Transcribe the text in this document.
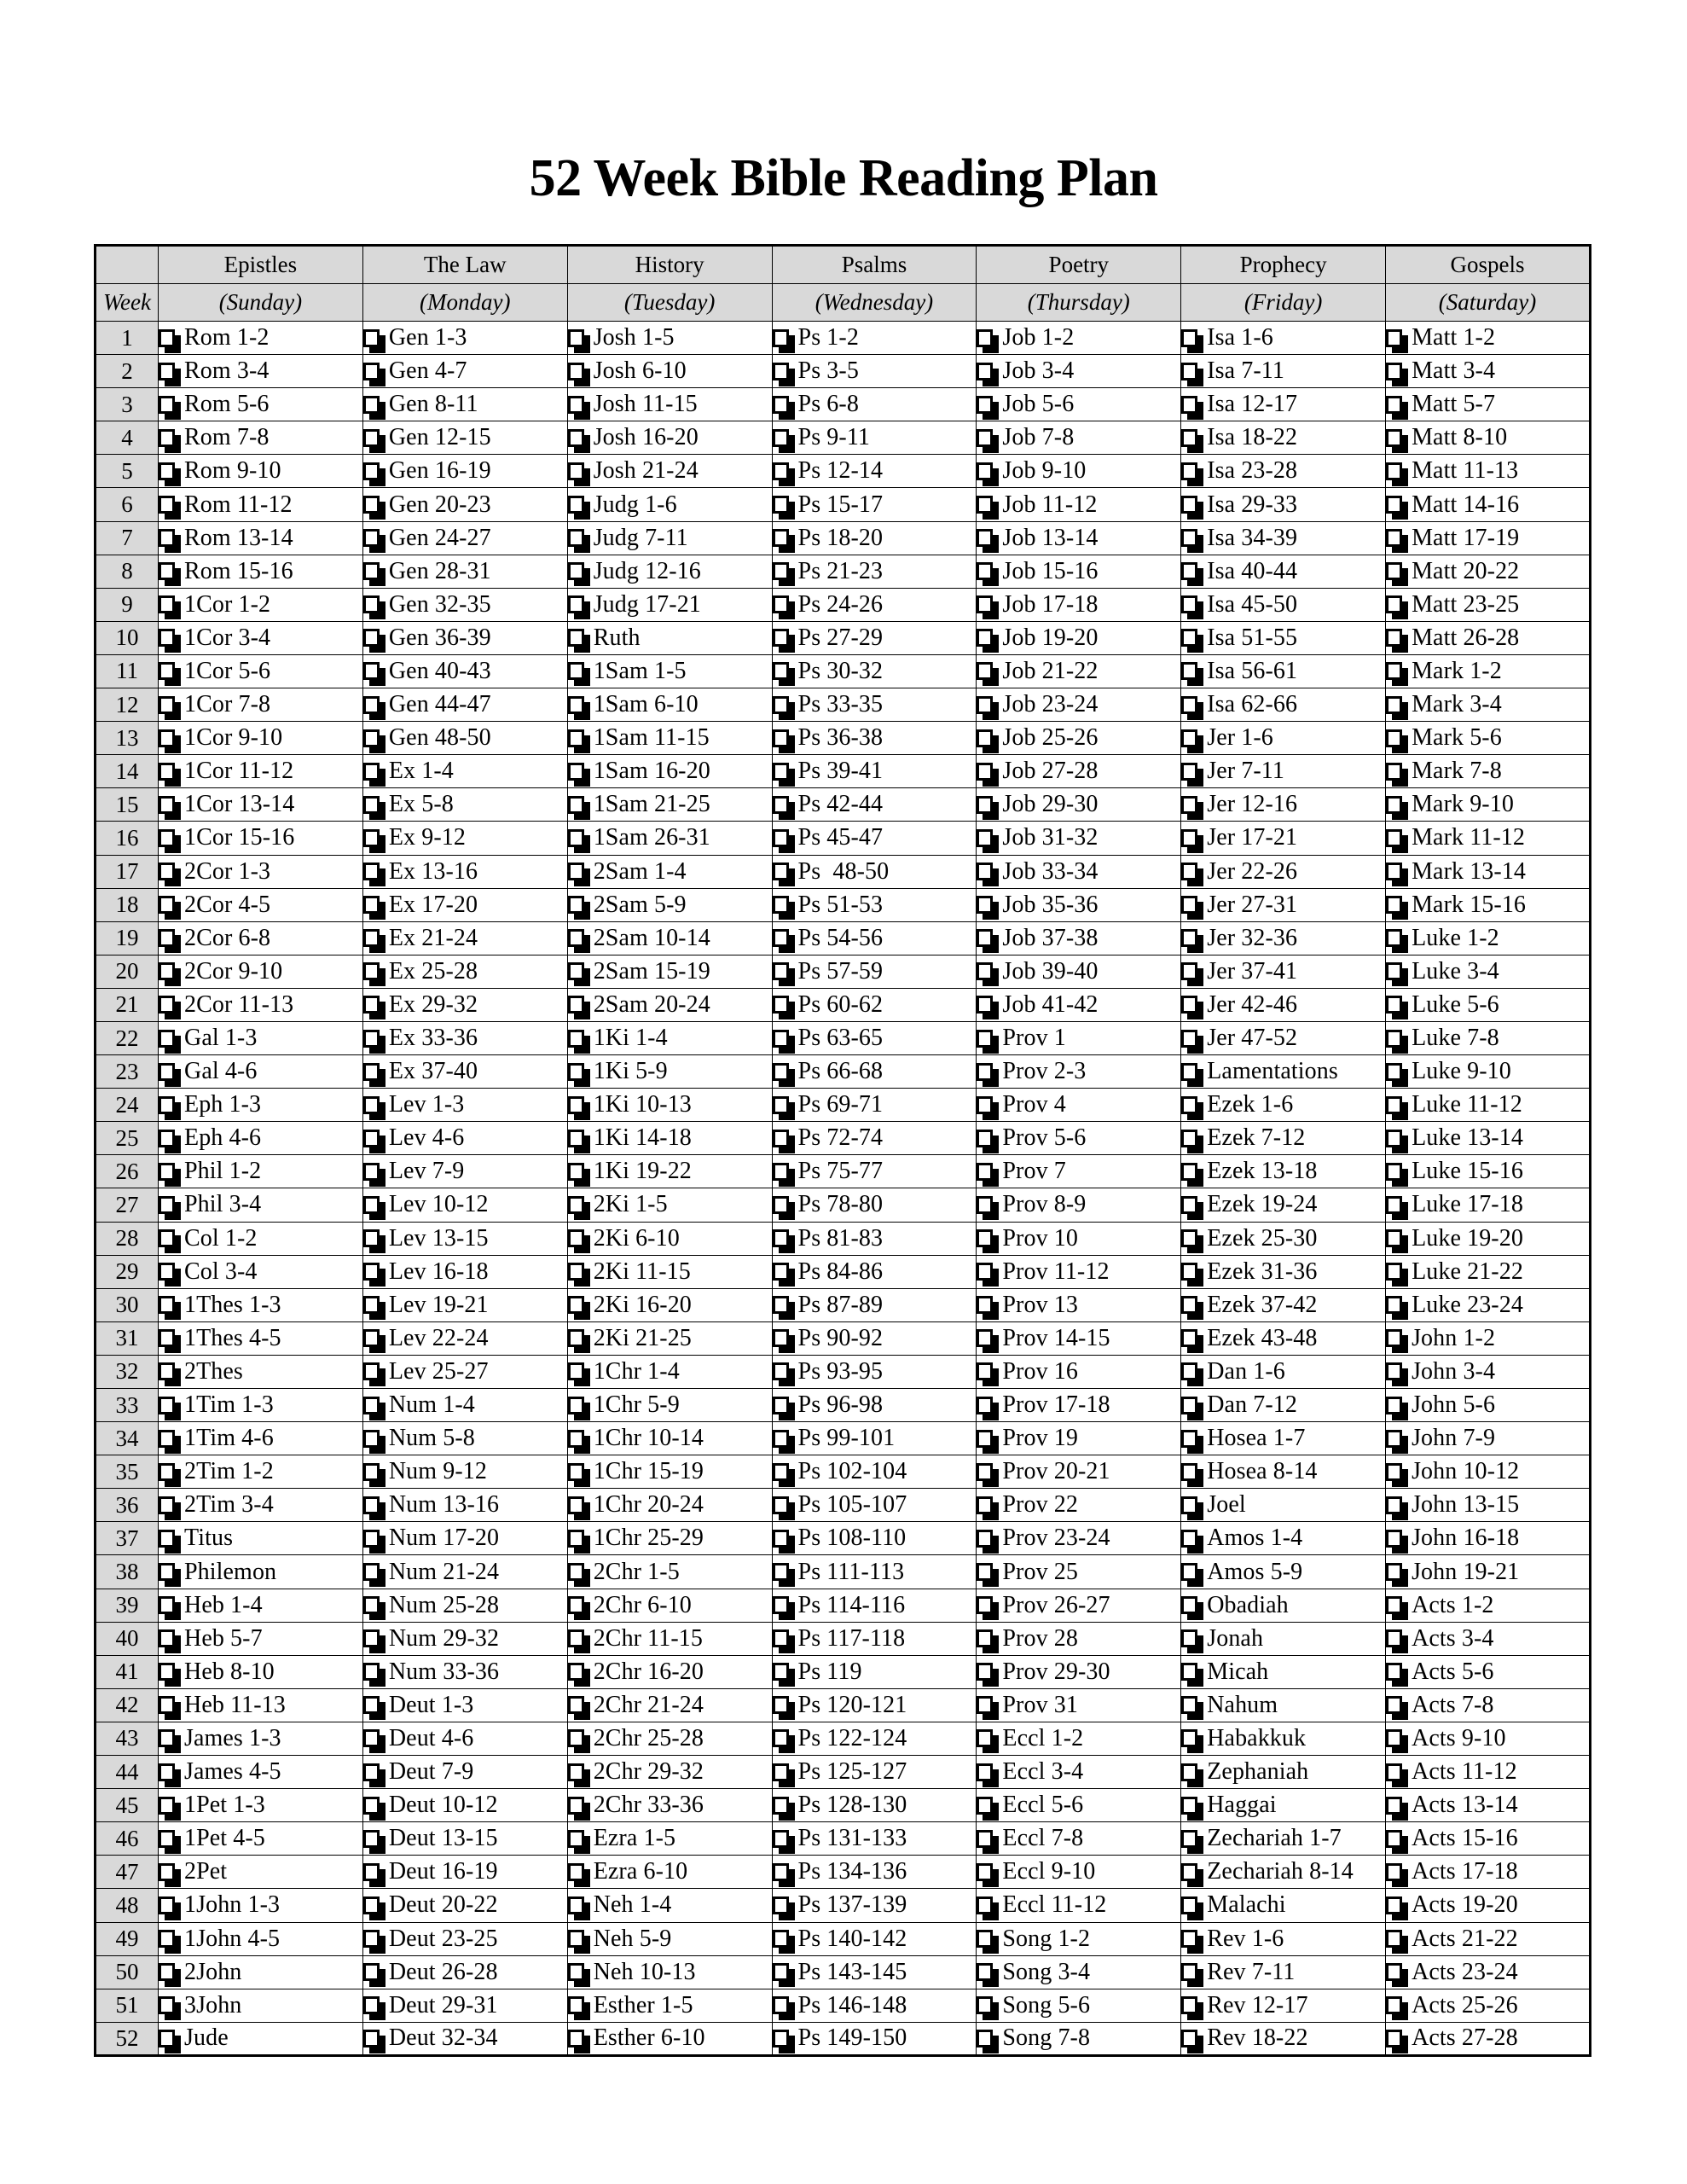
52 Week Bible Reading Plan
	Epistles	The Law	History	Psalms	Poetry	Prophecy	Gospels
Week	(Sunday)	(Monday)	(Tuesday)	(Wednesday)	(Thursday)	(Friday)	(Saturday)
1	Rom 1-2	Gen 1-3	Josh 1-5	Ps 1-2	Job 1-2	Isa 1-6	Matt 1-2

2	Rom 3-4	Gen 4-7	Josh 6-10	Ps 3-5	Job 3-4	Isa 7-11	Matt 3-4

3	Rom 5-6	Gen 8-11	Josh 11-15	Ps 6-8	Job 5-6	Isa 12-17	Matt 5-7

4	Rom 7-8	Gen 12-15	Josh 16-20	Ps 9-11	Job 7-8	Isa 18-22	Matt 8-10

5	Rom 9-10	Gen 16-19	Josh 21-24	Ps 12-14	Job 9-10	Isa 23-28	Matt 11-13

6	Rom 11-12	Gen 20-23	Judg 1-6	Ps 15-17	Job 11-12	Isa 29-33	Matt 14-16

7	Rom 13-14	Gen 24-27	Judg 7-11	Ps 18-20	Job 13-14	Isa 34-39	Matt 17-19

8	Rom 15-16	Gen 28-31	Judg 12-16	Ps 21-23	Job 15-16	Isa 40-44	Matt 20-22

9	1Cor 1-2	Gen 32-35	Judg 17-21	Ps 24-26	Job 17-18	Isa 45-50	Matt 23-25

10	1Cor 3-4	Gen 36-39	Ruth	Ps 27-29	Job 19-20	Isa 51-55	Matt 26-28

11	1Cor 5-6	Gen 40-43	1Sam 1-5	Ps 30-32	Job 21-22	Isa 56-61	Mark 1-2

12	1Cor 7-8	Gen 44-47	1Sam 6-10	Ps 33-35	Job 23-24	Isa 62-66	Mark 3-4

13	1Cor 9-10	Gen 48-50	1Sam 11-15	Ps 36-38	Job 25-26	Jer 1-6	Mark 5-6

14	1Cor 11-12	Ex 1-4	1Sam 16-20	Ps 39-41	Job 27-28	Jer 7-11	Mark 7-8

15	1Cor 13-14	Ex 5-8	1Sam 21-25	Ps 42-44	Job 29-30	Jer 12-16	Mark 9-10

16	1Cor 15-16	Ex 9-12	1Sam 26-31	Ps 45-47	Job 31-32	Jer 17-21	Mark 11-12

17	2Cor 1-3	Ex 13-16	2Sam 1-4	Ps  48-50	Job 33-34	Jer 22-26	Mark 13-14

18	2Cor 4-5	Ex 17-20	2Sam 5-9	Ps 51-53	Job 35-36	Jer 27-31	Mark 15-16

19	2Cor 6-8	Ex 21-24	2Sam 10-14	Ps 54-56	Job 37-38	Jer 32-36	Luke 1-2

20	2Cor 9-10	Ex 25-28	2Sam 15-19	Ps 57-59	Job 39-40	Jer 37-41	Luke 3-4

21	2Cor 11-13	Ex 29-32	2Sam 20-24	Ps 60-62	Job 41-42	Jer 42-46	Luke 5-6

22	Gal 1-3	Ex 33-36	1Ki 1-4	Ps 63-65	Prov 1	Jer 47-52	Luke 7-8

23	Gal 4-6	Ex 37-40	1Ki 5-9	Ps 66-68	Prov 2-3	Lamentations	Luke 9-10

24	Eph 1-3	Lev 1-3	1Ki 10-13	Ps 69-71	Prov 4	Ezek 1-6	Luke 11-12

25	Eph 4-6	Lev 4-6	1Ki 14-18	Ps 72-74	Prov 5-6	Ezek 7-12	Luke 13-14

26	Phil 1-2	Lev 7-9	1Ki 19-22	Ps 75-77	Prov 7	Ezek 13-18	Luke 15-16

27	Phil 3-4	Lev 10-12	2Ki 1-5	Ps 78-80	Prov 8-9	Ezek 19-24	Luke 17-18

28	Col 1-2	Lev 13-15	2Ki 6-10	Ps 81-83	Prov 10	Ezek 25-30	Luke 19-20

29	Col 3-4	Lev 16-18	2Ki 11-15	Ps 84-86	Prov 11-12	Ezek 31-36	Luke 21-22

30	1Thes 1-3	Lev 19-21	2Ki 16-20	Ps 87-89	Prov 13	Ezek 37-42	Luke 23-24

31	1Thes 4-5	Lev 22-24	2Ki 21-25	Ps 90-92	Prov 14-15	Ezek 43-48	John 1-2

32	2Thes	Lev 25-27	1Chr 1-4	Ps 93-95	Prov 16	Dan 1-6	John 3-4

33	1Tim 1-3	Num 1-4	1Chr 5-9	Ps 96-98	Prov 17-18	Dan 7-12	John 5-6

34	1Tim 4-6	Num 5-8	1Chr 10-14	Ps 99-101	Prov 19	Hosea 1-7	John 7-9

35	2Tim 1-2	Num 9-12	1Chr 15-19	Ps 102-104	Prov 20-21	Hosea 8-14	John 10-12

36	2Tim 3-4	Num 13-16	1Chr 20-24	Ps 105-107	Prov 22	Joel	John 13-15

37	Titus	Num 17-20	1Chr 25-29	Ps 108-110	Prov 23-24	Amos 1-4	John 16-18

38	Philemon	Num 21-24	2Chr 1-5	Ps 111-113	Prov 25	Amos 5-9	John 19-21

39	Heb 1-4	Num 25-28	2Chr 6-10	Ps 114-116	Prov 26-27	Obadiah	Acts 1-2

40	Heb 5-7	Num 29-32	2Chr 11-15	Ps 117-118	Prov 28	Jonah	Acts 3-4

41	Heb 8-10	Num 33-36	2Chr 16-20	Ps 119	Prov 29-30	Micah	Acts 5-6

42	Heb 11-13	Deut 1-3	2Chr 21-24	Ps 120-121	Prov 31	Nahum	Acts 7-8

43	James 1-3	Deut 4-6	2Chr 25-28	Ps 122-124	Eccl 1-2	Habakkuk	Acts 9-10

44	James 4-5	Deut 7-9	2Chr 29-32	Ps 125-127	Eccl 3-4	Zephaniah	Acts 11-12

45	1Pet 1-3	Deut 10-12	2Chr 33-36	Ps 128-130	Eccl 5-6	Haggai	Acts 13-14

46	1Pet 4-5	Deut 13-15	Ezra 1-5	Ps 131-133	Eccl 7-8	Zechariah 1-7	Acts 15-16

47	2Pet	Deut 16-19	Ezra 6-10	Ps 134-136	Eccl 9-10	Zechariah 8-14	Acts 17-18

48	1John 1-3	Deut 20-22	Neh 1-4	Ps 137-139	Eccl 11-12	Malachi	Acts 19-20

49	1John 4-5	Deut 23-25	Neh 5-9	Ps 140-142	Song 1-2	Rev 1-6	Acts 21-22

50	2John	Deut 26-28	Neh 10-13	Ps 143-145	Song 3-4	Rev 7-11	Acts 23-24

51	3John	Deut 29-31	Esther 1-5	Ps 146-148	Song 5-6	Rev 12-17	Acts 25-26

52	Jude	Deut 32-34	Esther 6-10	Ps 149-150	Song 7-8	Rev 18-22	Acts 27-28
